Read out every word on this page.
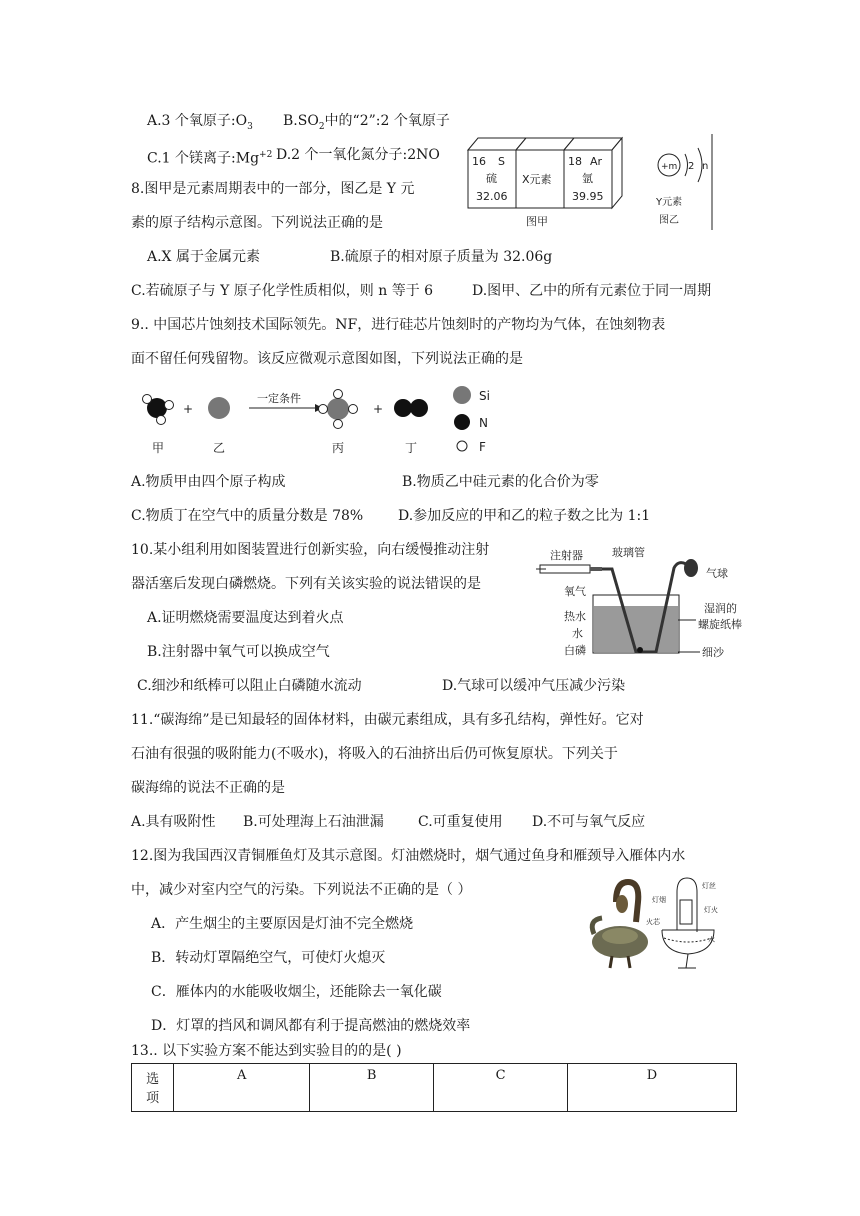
A.3 个氧原子$:O_3$ $B.SO_2$中的“2”:2 个氧原子
C.1 个镁离子$:Mg^{+2}$ D.2 个一氧化氮分子:2NO
8.图甲是元素周期表中的一部分，图乙是 Y 元
素的原子结构示意图。下列说法正确的是
16 S
硫
32.06
X元素
18 Ar
氩
39.95
图甲
+m 2 n
Y元素
图乙
A.X 属于金属元素	B.硫原子的相对原子质量为 32.06g
C.若硫原子与 Y 原子化学性质相似，则 n 等于 6	D.图甲、乙中的所有元素位于同一周期
9.. 中国芯片蚀刻技术国际领先。NF，进行硅芯片蚀刻时的产物均为气体，在蚀刻物表
面不留任何残留物。该反应微观示意图如图，下列说法正确的是
+
一定条件
+
甲	乙	丙	丁
Si
N
F
A.物质甲由四个原子构成	B.物质乙中硅元素的化合价为零
C.物质丁在空气中的质量分数是 78% D.参加反应的甲和乙的粒子数之比为 1:1
10.某小组利用如图装置进行创新实验，向右缓慢推动注射
器活塞后发现白磷燃烧。下列有关该实验的说法错误的是
注射器	玻璃管
气球
氧气
热水
水
白磷
湿润的
螺旋纸棒
细沙
A.证明燃烧需要温度达到着火点
B.注射器中氧气可以换成空气
C.细沙和纸棒可以阻止白磷随水流动	D.气球可以缓冲气压减少污染
11.“碳海绵”是已知最轻的固体材料，由碳元素组成，具有多孔结构，弹性好。它对
石油有很强的吸附能力(不吸水)，将吸入的石油挤出后仍可恢复原状。下列关于
碳海绵的说法不正确的是
A.具有吸附性 B.可处理海上石油泄漏 C.可重复使用 D.不可与氧气反应
12.图为我国西汉青铜雁鱼灯及其示意图。灯油燃烧时，烟气通过鱼身和雁颈导入雁体内水
中，减少对室内空气的污染。下列说法不正确的是（ ）
A．产生烟尘的主要原因是灯油不完全燃烧
B．转动灯罩隔绝空气，可使灯火熄灭
C．雁体内的水能吸收烟尘，还能除去一氧化碳
D．灯罩的挡风和调风都有利于提高燃油的燃烧效率
灯丝
灯烟
灯火
火芯
水
13.. 以下实验方案不能达到实验目的的是( )
选
项
	A	B	C	D
